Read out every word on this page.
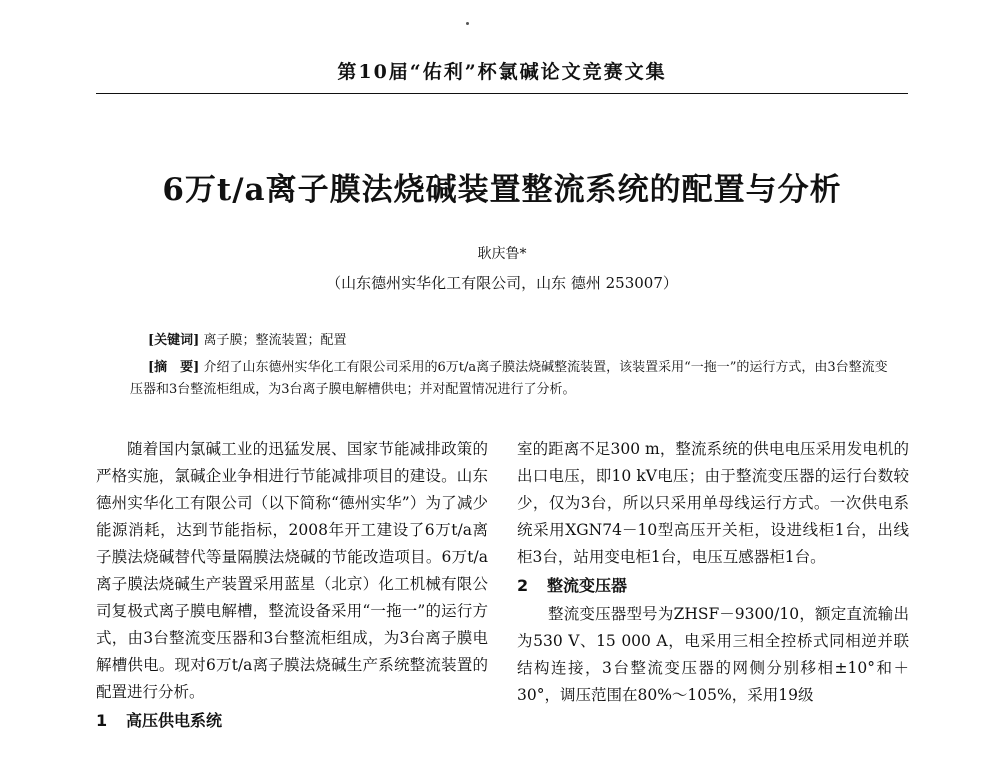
第10届“佑利”杯氯碱论文竞赛文集
6万t/a离子膜法烧碱装置整流系统的配置与分析
耿庆鲁*
（山东德州实华化工有限公司，山东 德州 253007）
[关键词] 离子膜；整流装置；配置
[摘　要] 介绍了山东德州实华化工有限公司采用的6万t/a离子膜法烧碱整流装置，该装置采用“一拖一”的运行方式，由3台整流变压器和3台整流柜组成，为3台离子膜电解槽供电；并对配置情况进行了分析。

随着国内氯碱工业的迅猛发展、国家节能减排政策的严格实施，氯碱企业争相进行节能减排项目的建设。山东德州实华化工有限公司（以下简称“德州实华”）为了减少能源消耗，达到节能指标，2008年开工建设了6万t/a离子膜法烧碱替代等量隔膜法烧碱的节能改造项目。6万t/a离子膜法烧碱生产装置采用蓝星（北京）化工机械有限公司复极式离子膜电解槽，整流设备采用“一拖一”的运行方式，由3台整流变压器和3台整流柜组成，为3台离子膜电解槽供电。现对6万t/a离子膜法烧碱生产系统整流装置的配置进行分析。

1 高压供电系统

室的距离不足300 m，整流系统的供电电压采用发电机的出口电压，即10 kV电压；由于整流变压器的运行台数较少，仅为3台，所以只采用单母线运行方式。一次供电系统采用XGN74－10型高压开关柜，设进线柜1台，出线柜3台，站用变电柜1台，电压互感器柜1台。

2 整流变压器

整流变压器型号为ZHSF－9300/10，额定直流输出为530 V、15 000 A，电采用三相全控桥式同相逆并联结构连接，3台整流变压器的网侧分别移相±10°和＋30°，调压范围在80%～105%，采用19级
